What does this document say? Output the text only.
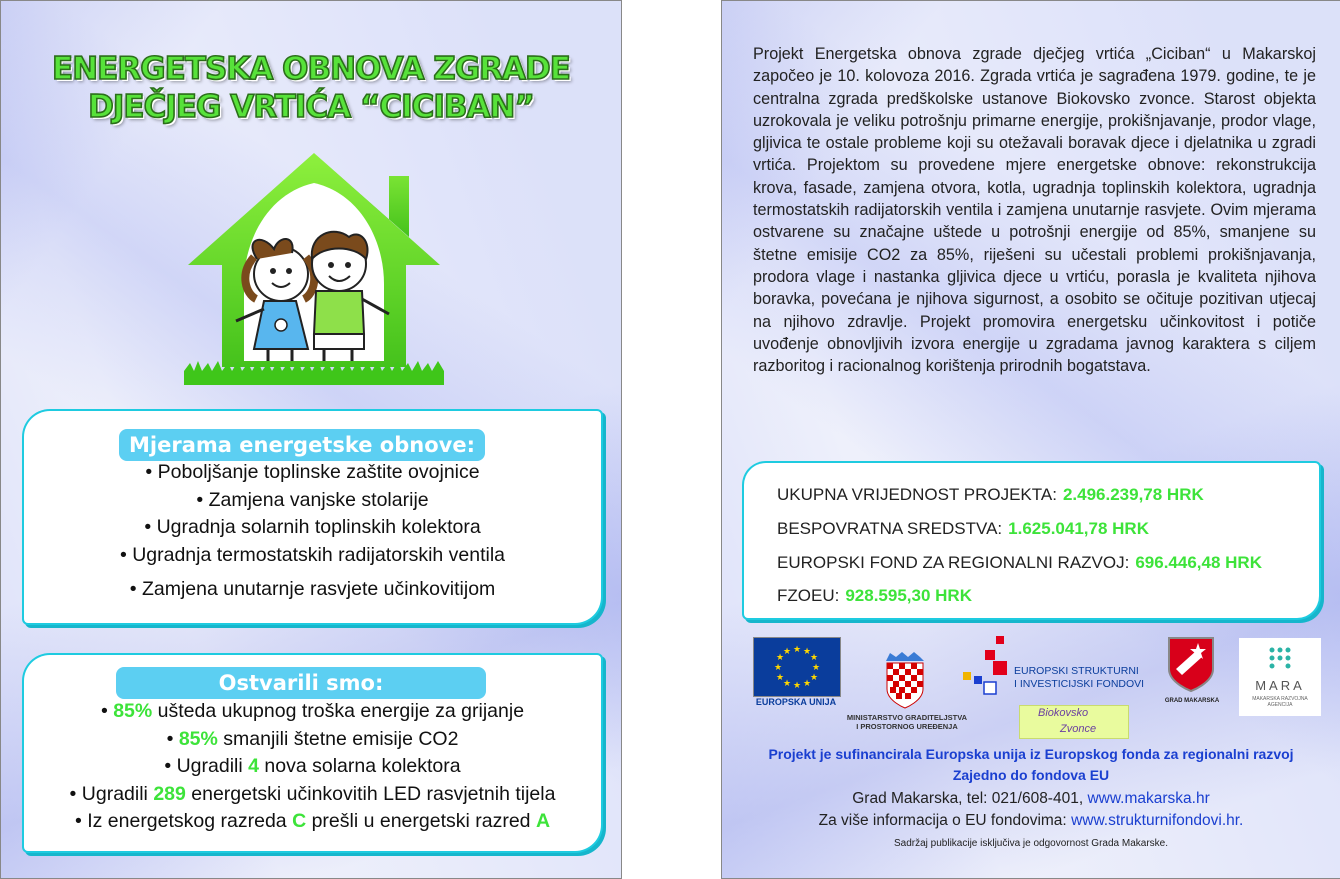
ENERGETSKA OBNOVA ZGRADE
DJEČJEG VRTIĆA “CICIBAN”
Mjerama energetske obnove:
• Poboljšanje toplinske zaštite ovojnice
• Zamjena vanjske stolarije
• Ugradnja solarnih toplinskih kolektora
• Ugradnja termostatskih radijatorskih ventila
• Zamjena unutarnje rasvjete učinkovitijom
Ostvarili smo:
• 85% ušteda ukupnog troška energije za grijanje
• 85% smanjili štetne emisije CO2
• Ugradili 4 nova solarna kolektora
• Ugradili 289 energetski učinkovitih LED rasvjetnih tijela
• Iz energetskog razreda C prešli u energetski razred A
Projekt Energetska obnova zgrade dječjeg vrtića „Ciciban“ u Makarskoj započeo je 10. kolovoza 2016. Zgrada vrtića je sagrađena 1979. godine, te je centralna zgrada predškolske ustanove Biokovsko zvonce. Starost objekta uzrokovala je veliku potrošnju primarne energije, prokišnjavanje, prodor vlage, gljivica te ostale probleme koji su otežavali boravak djece i djelatnika u zgradi vrtića. Projektom su provedene mjere energetske obnove: rekonstrukcija krova, fasade, zamjena otvora, kotla, ugradnja toplinskih kolektora, ugradnja termostatskih radijatorskih ventila i zamjena unutarnje rasvjete. Ovim mjerama ostvarene su značajne uštede u potrošnji energije od 85%, smanjene su štetne emisije CO2 za 85%, riješeni su učestali problemi prokišnjavanja, prodora vlage i nastanka gljivica djece u vrtiću, porasla je kvaliteta njihova boravka, povećana je njihova sigurnost, a osobito se očituje pozitivan utjecaj na njihovo zdravlje. Projekt promovira energetsku učinkovitost i potiče uvođenje obnovljivih izvora energije u zgradama javnog karaktera s ciljem razboritog i racionalnog korištenja prirodnih bogatstava.
UKUPNA VRIJEDNOST PROJEKTA: 2.496.239,78 HRK
BESPOVRATNA SREDSTVA: 1.625.041,78 HRK
EUROPSKI FOND ZA REGIONALNI RAZVOJ: 696.446,48 HRK
FZOEU: 928.595,30 HRK
★ ★
★
★
★
★
★
★
★
★
★
★
EUROPSKA UNIJA
MINISTARSTVO GRADITELJSTVA
I PROSTORNOG UREĐENJA
EUROPSKI STRUKTURNI
I INVESTICIJSKI FONDOVI
Biokovsko
Zvonce
GRAD MAKARSKA
MARA
MAKARSKA RAZVOJNA AGENCIJA
Projekt je sufinancirala Europska unija iz Europskog fonda za regionalni razvoj
Zajedno do fondova EU
Grad Makarska, tel: 021/608-401, www.makarska.hr
Za više informacija o EU fondovima: www.strukturnifondovi.hr.
Sadržaj publikacije isključiva je odgovornost Grada Makarske.
